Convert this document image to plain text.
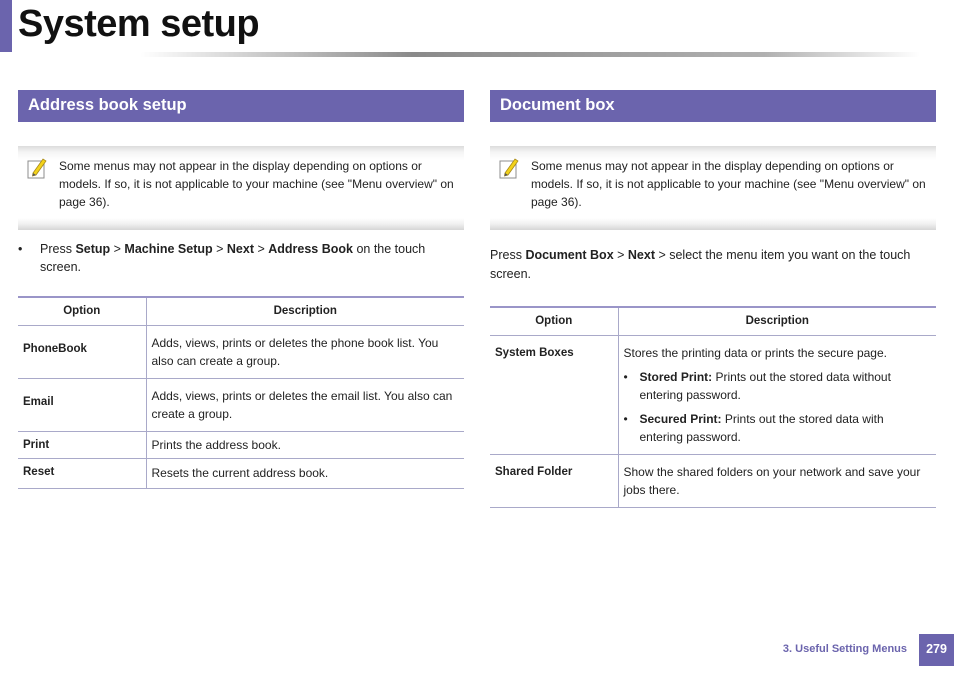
System setup
Address book setup
Some menus may not appear in the display depending on options or models. If so, it is not applicable to your machine (see "Menu overview" on page 36).
• Press Setup > Machine Setup > Next > Address Book on the touch screen.
Option	Description
PhoneBook	Adds, views, prints or deletes the phone book list. You also can create a group.
Email	Adds, views, prints or deletes the email list. You also can create a group.
Print	Prints the address book.
Reset	Resets the current address book.
Document box
Some menus may not appear in the display depending on options or models. If so, it is not applicable to your machine (see "Menu overview" on page 36).
Press Document Box > Next > select the menu item you want on the touch screen.
Option	Description
System Boxes	Stores the printing data or prints the secure page.
• Stored Print: Prints out the stored data without entering password.
• Secured Print: Prints out the stored data with entering password.

Shared Folder	Show the shared folders on your network and save your jobs there.
3. Useful Setting Menus	279
